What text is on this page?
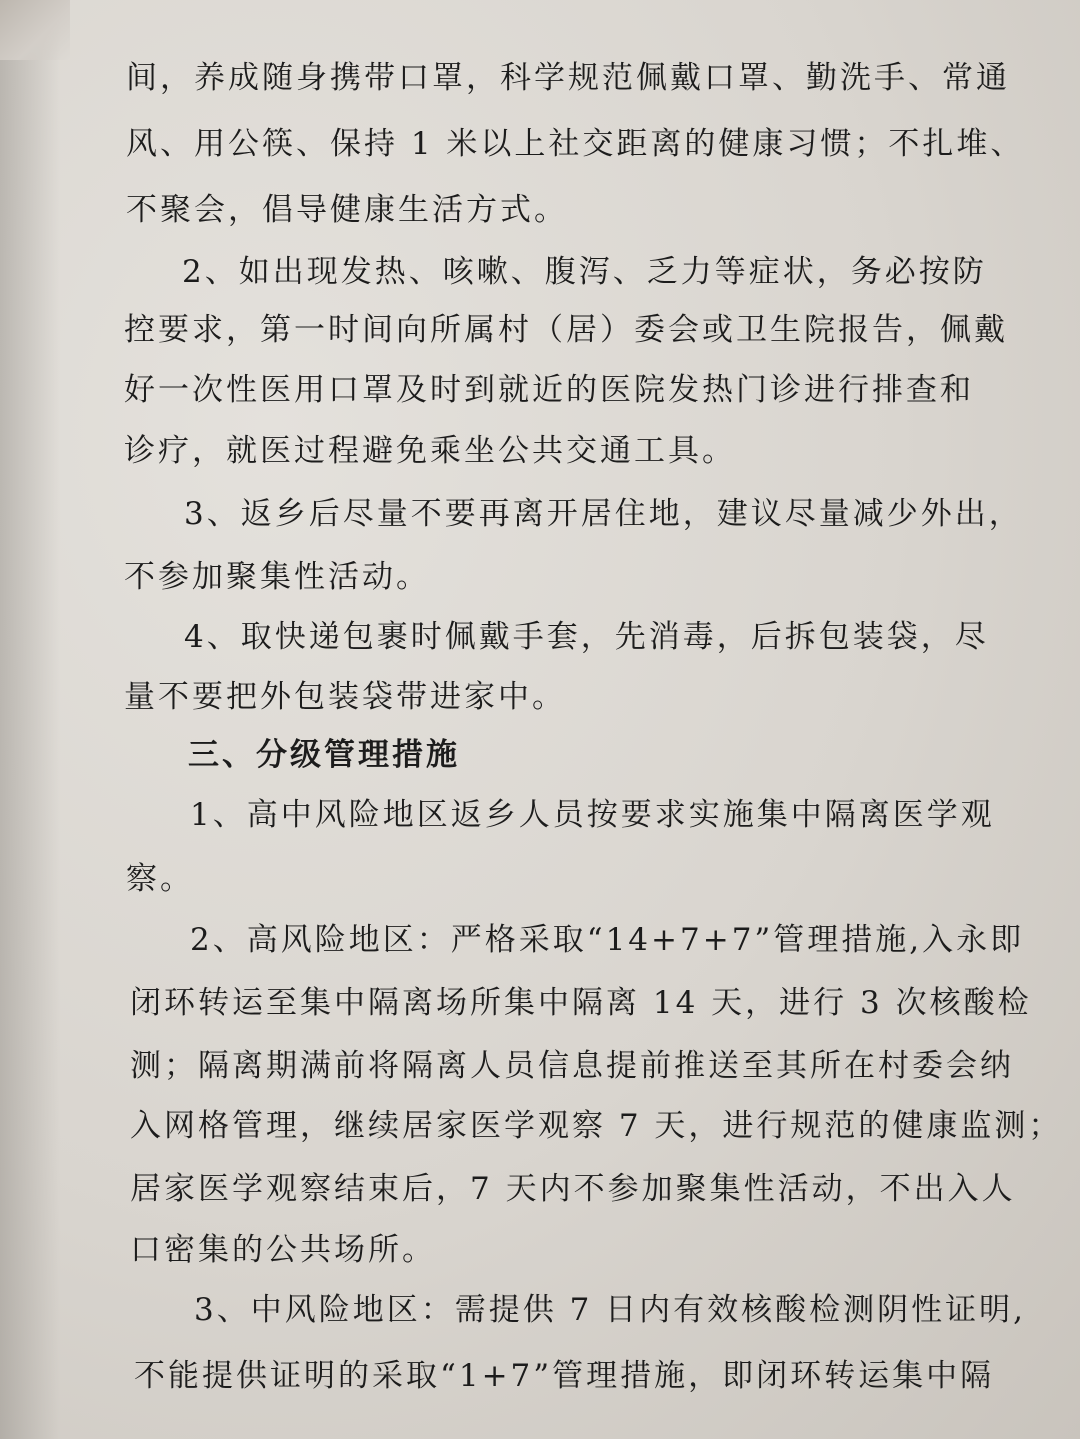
间，养成随身携带口罩，科学规范佩戴口罩、勤洗手、常通
风、用公筷、保持 1 米以上社交距离的健康习惯；不扎堆、
不聚会，倡导健康生活方式。
2、如出现发热、咳嗽、腹泻、乏力等症状，务必按防
控要求，第一时间向所属村（居）委会或卫生院报告，佩戴
好一次性医用口罩及时到就近的医院发热门诊进行排查和
诊疗，就医过程避免乘坐公共交通工具。
3、返乡后尽量不要再离开居住地，建议尽量减少外出，
不参加聚集性活动。
4、取快递包裹时佩戴手套，先消毒，后拆包装袋，尽
量不要把外包装袋带进家中。
三、分级管理措施
1、高中风险地区返乡人员按要求实施集中隔离医学观
察。
2、高风险地区：严格采取“14+7+7”管理措施,入永即
闭环转运至集中隔离场所集中隔离 14 天，进行 3 次核酸检
测；隔离期满前将隔离人员信息提前推送至其所在村委会纳
入网格管理，继续居家医学观察 7 天，进行规范的健康监测；
居家医学观察结束后，7 天内不参加聚集性活动，不出入人
口密集的公共场所。
3、中风险地区：需提供 7 日内有效核酸检测阴性证明,
不能提供证明的采取“1+7”管理措施，即闭环转运集中隔
